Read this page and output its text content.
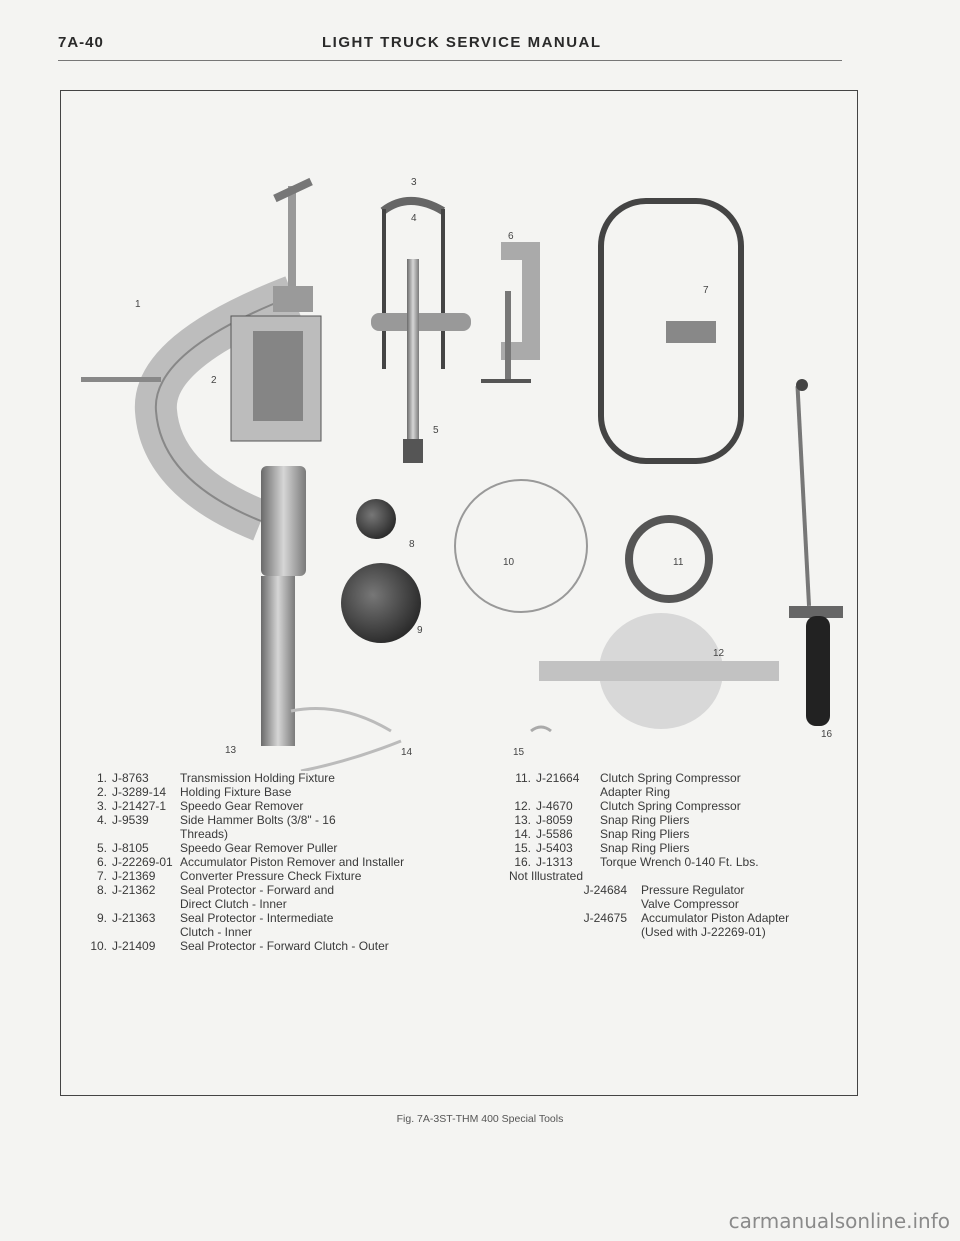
7A-40	LIGHT TRUCK SERVICE MANUAL
1
2
3
4
5
6
7
8
9
10	11
12
13	14	15
16
1. J-8763	Transmission Holding Fixture
2. J-3289-14	Holding Fixture Base
3. J-21427-1	Speedo Gear Remover
4. J-9539	Side Hammer Bolts (3/8" - 16
Threads)
5. J-8105	Speedo Gear Remover Puller
6. J-22269-01 Accumulator Piston Remover and Installer
7. J-21369	Converter Pressure Check Fixture
8. J-21362	Seal Protector - Forward and
Direct Clutch - Inner
9. J-21363	Seal Protector - Intermediate
Clutch - Inner
10. J-21409	Seal Protector - Forward Clutch - Outer
11. J-21664	Clutch Spring Compressor
Adapter Ring
12. J-4670	Clutch Spring Compressor
13. J-8059	Snap Ring Pliers
14. J-5586	Snap Ring Pliers
15. J-5403	Snap Ring Pliers
16. J-1313	Torque Wrench 0-140 Ft. Lbs.
Not Illustrated
J-24684 Pressure Regulator
Valve Compressor
J-24675 Accumulator Piston Adapter
(Used with J-22269-01)
Fig. 7A-3ST-THM 400 Special Tools
carmanualsonline.info
